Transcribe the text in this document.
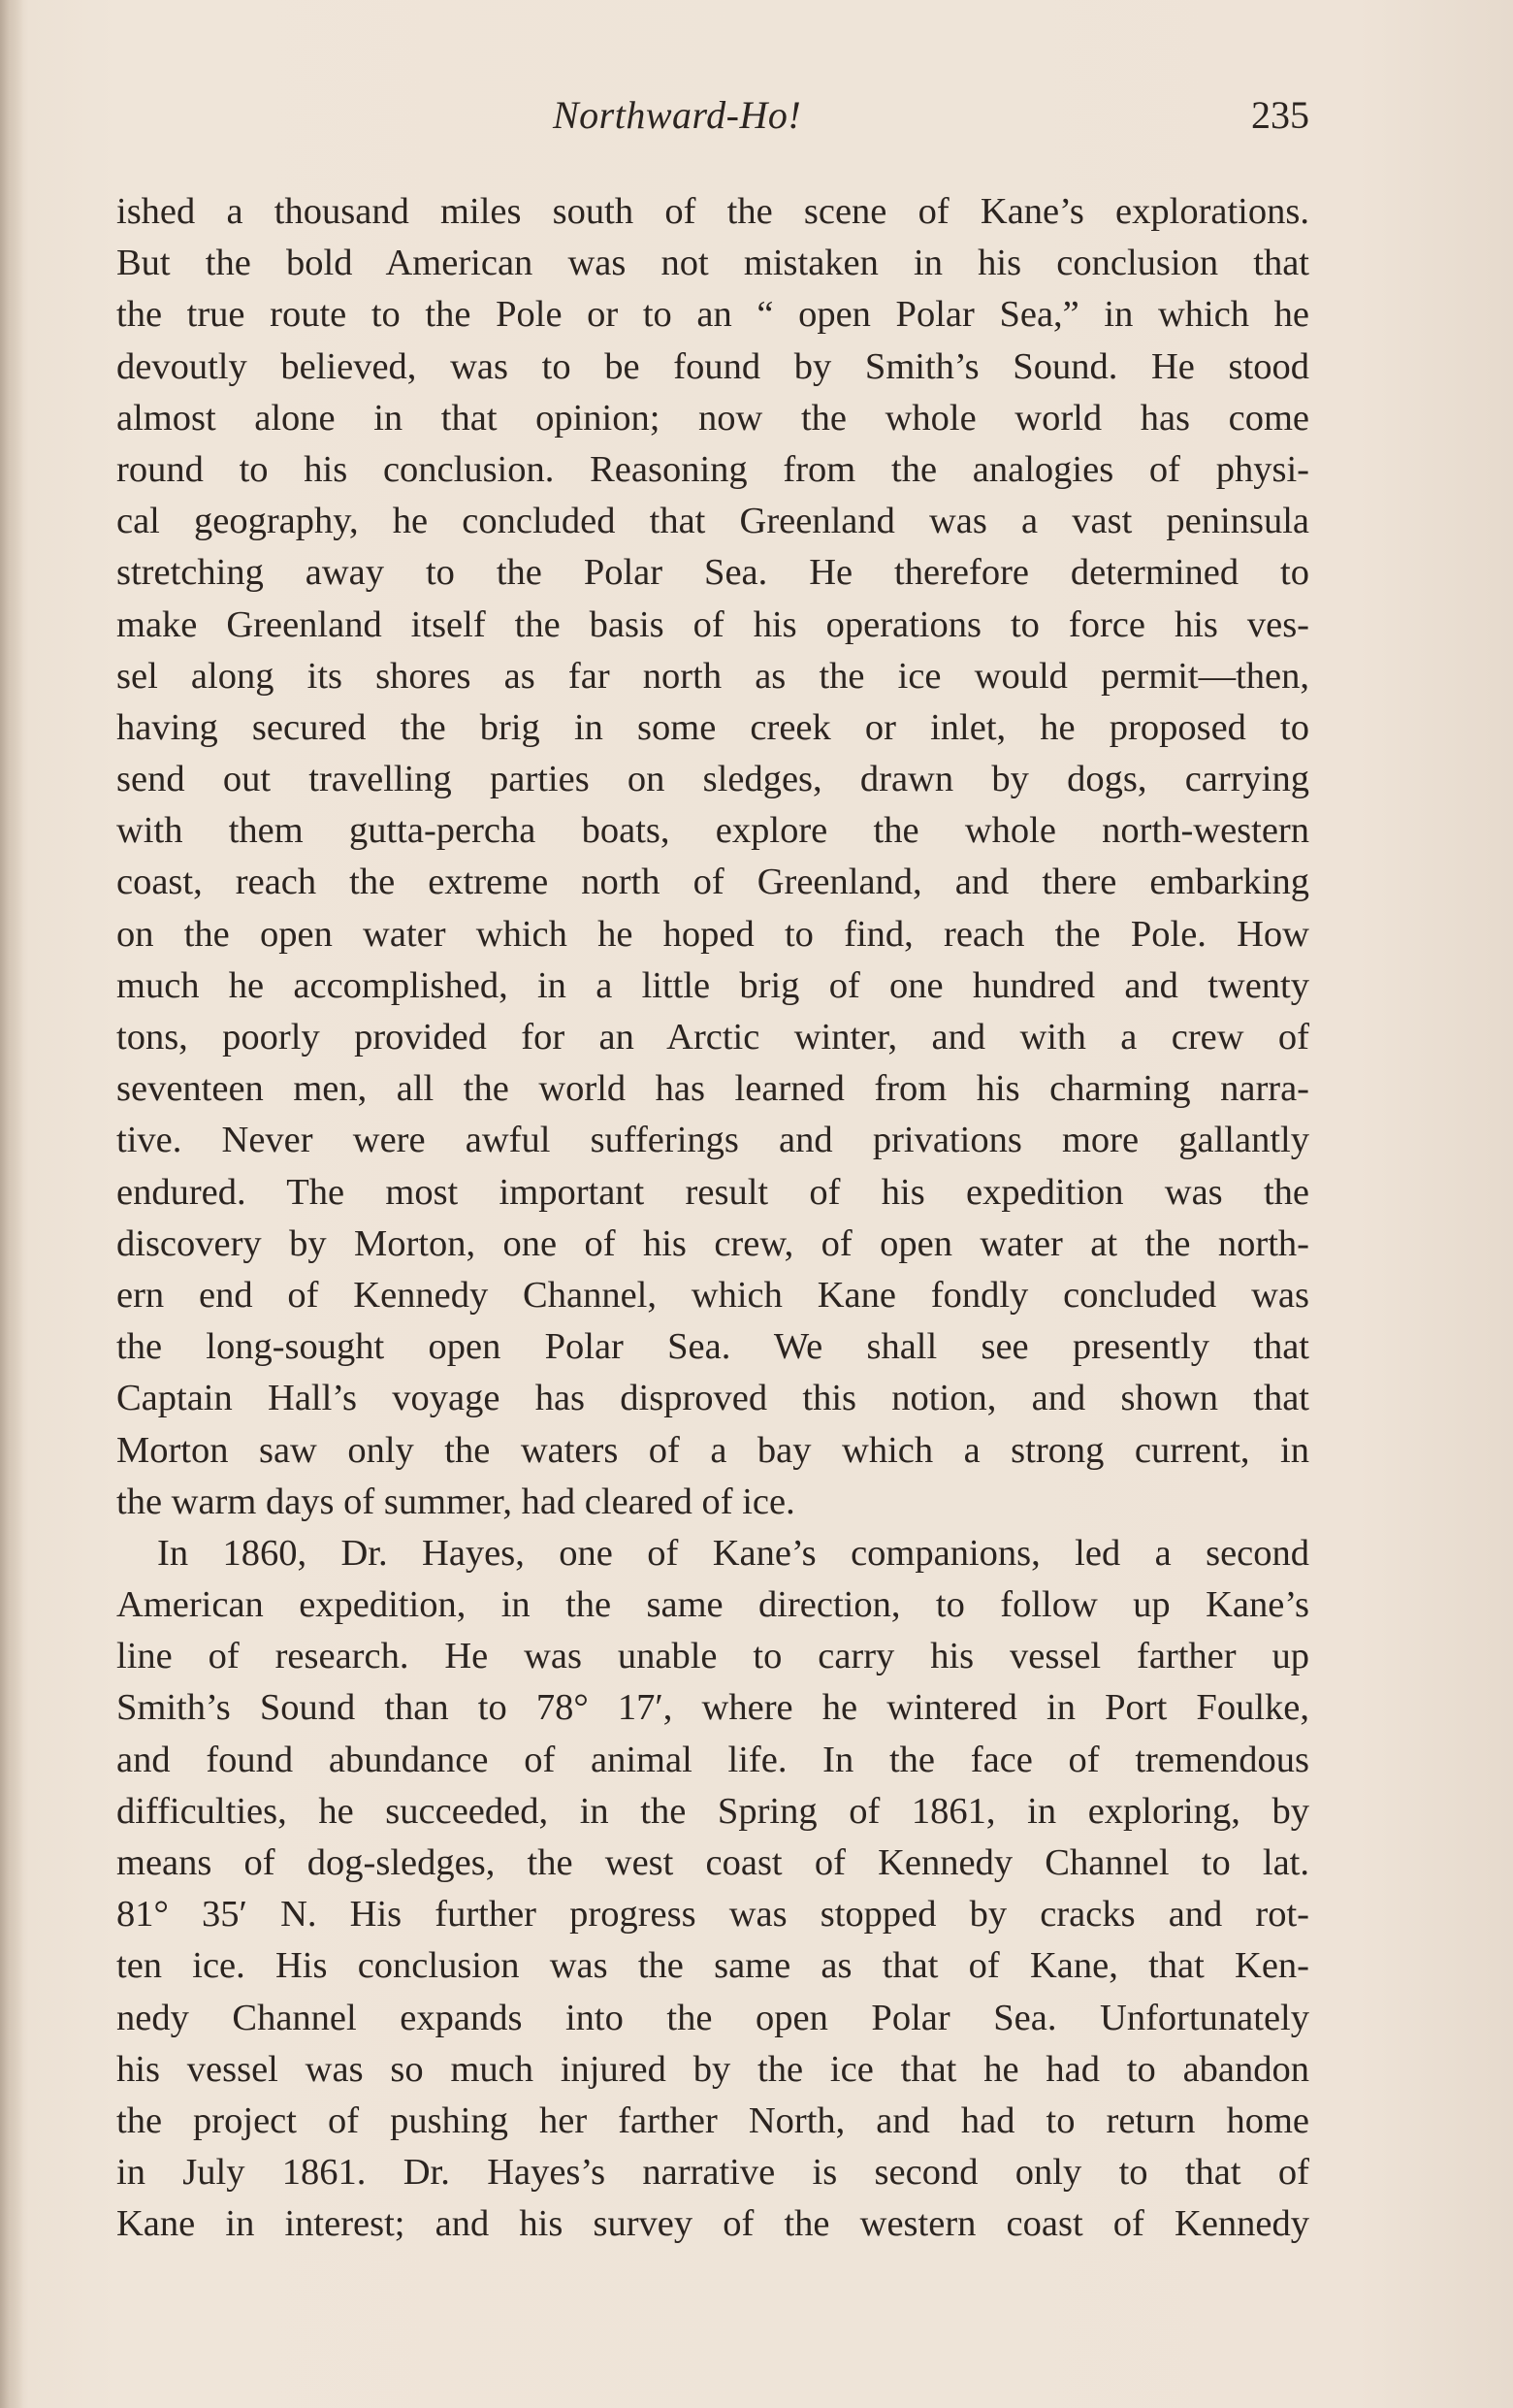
Northward-Ho!	235
ished a thousand miles south of the scene of Kane’s explorations.
But the bold American was not mistaken in his conclusion that
the true route to the Pole or to an “ open Polar Sea,” in which he
devoutly believed, was to be found by Smith’s Sound. He stood
almost alone in that opinion; now the whole world has come
round to his conclusion. Reasoning from the analogies of physi-
cal geography, he concluded that Greenland was a vast peninsula
stretching away to the Polar Sea. He therefore determined to
make Greenland itself the basis of his operations to force his ves-
sel along its shores as far north as the ice would permit—then,
having secured the brig in some creek or inlet, he proposed to
send out travelling parties on sledges, drawn by dogs, carrying
with them gutta-percha boats, explore the whole north-western
coast, reach the extreme north of Greenland, and there embarking
on the open water which he hoped to find, reach the Pole. How
much he accomplished, in a little brig of one hundred and twenty
tons, poorly provided for an Arctic winter, and with a crew of
seventeen men, all the world has learned from his charming narra-
tive. Never were awful sufferings and privations more gallantly
endured. The most important result of his expedition was the
discovery by Morton, one of his crew, of open water at the north-
ern end of Kennedy Channel, which Kane fondly concluded was
the long-sought open Polar Sea. We shall see presently that
Captain Hall’s voyage has disproved this notion, and shown that
Morton saw only the waters of a bay which a strong current, in
the warm days of summer, had cleared of ice.
In 1860, Dr. Hayes, one of Kane’s companions, led a second
American expedition, in the same direction, to follow up Kane’s
line of research. He was unable to carry his vessel farther up
Smith’s Sound than to 78° 17′, where he wintered in Port Foulke,
and found abundance of animal life. In the face of tremendous
difficulties, he succeeded, in the Spring of 1861, in exploring, by
means of dog-sledges, the west coast of Kennedy Channel to lat.
81° 35′ N. His further progress was stopped by cracks and rot-
ten ice. His conclusion was the same as that of Kane, that Ken-
nedy Channel expands into the open Polar Sea. Unfortunately
his vessel was so much injured by the ice that he had to abandon
the project of pushing her farther North, and had to return home
in July 1861. Dr. Hayes’s narrative is second only to that of
Kane in interest; and his survey of the western coast of Kennedy
